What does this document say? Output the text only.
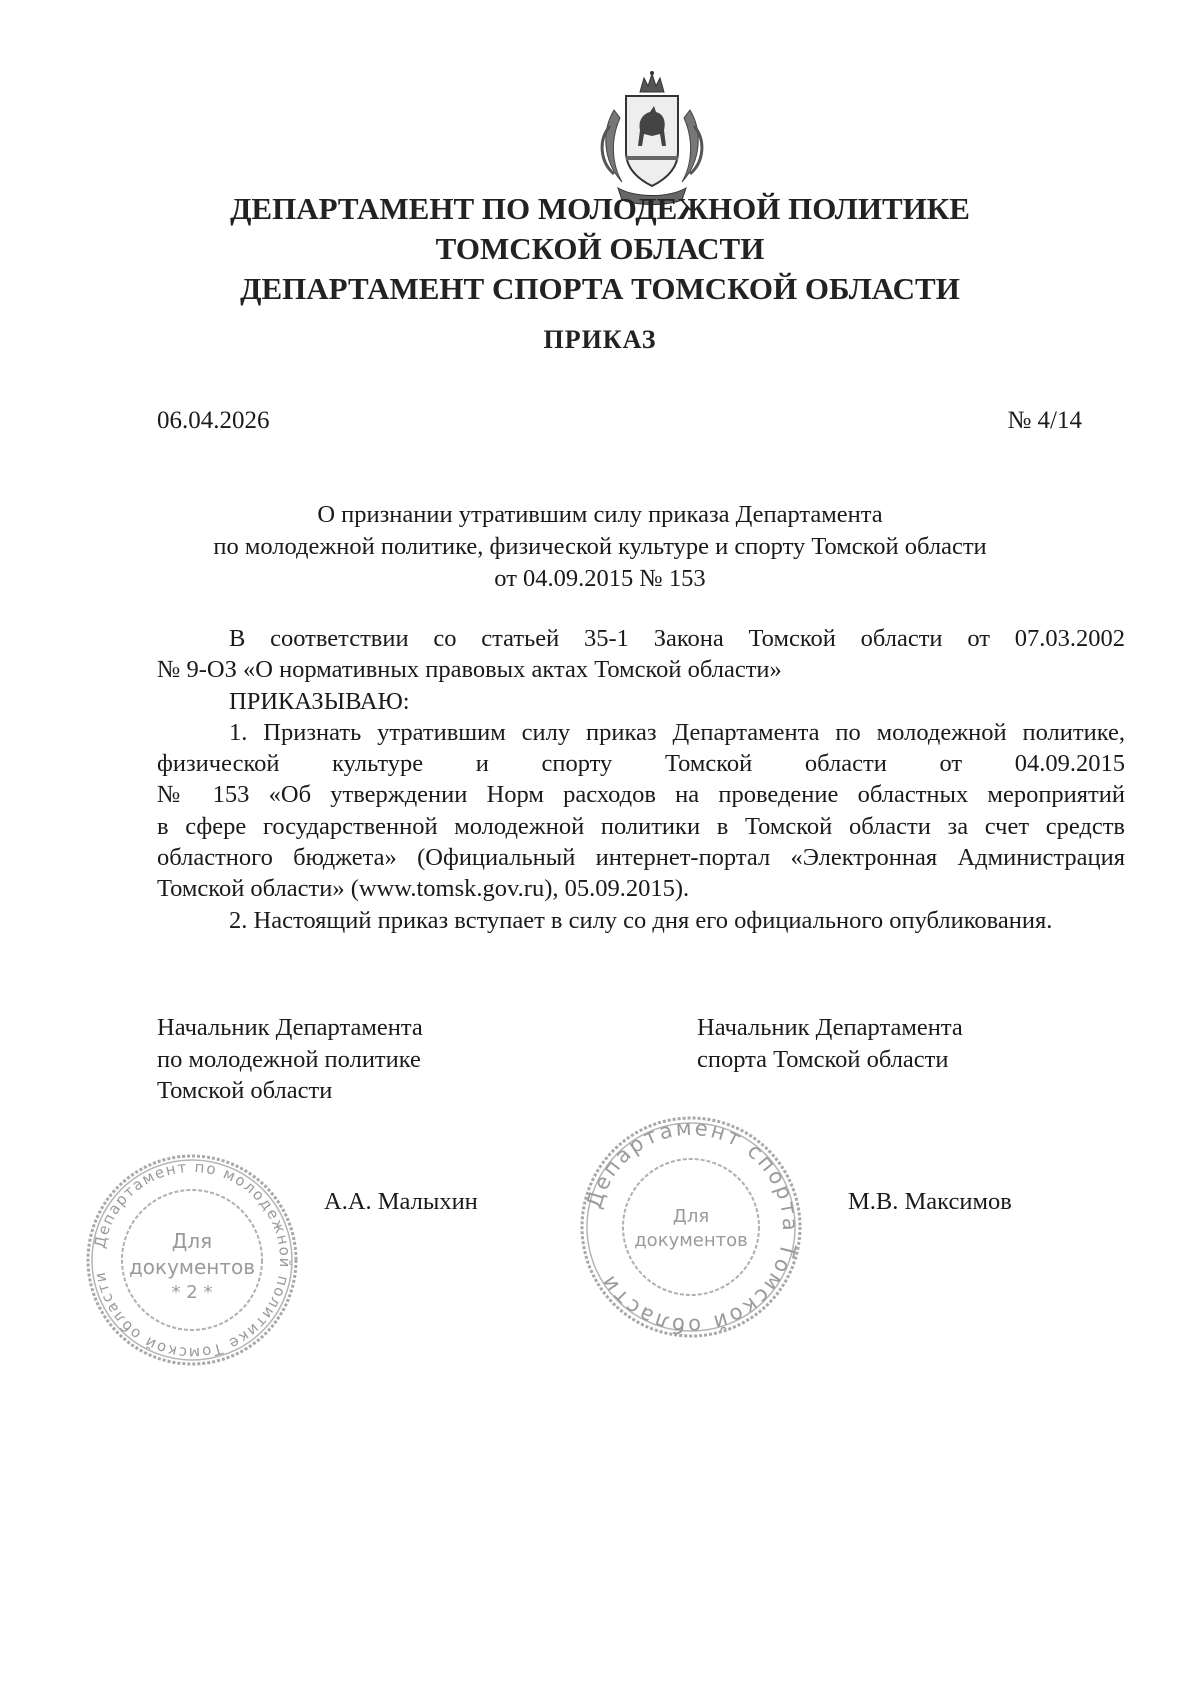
ДЕПАРТАМЕНТ ПО МОЛОДЕЖНОЙ ПОЛИТИКЕ
ТОМСКОЙ ОБЛАСТИ
ДЕПАРТАМЕНТ СПОРТА ТОМСКОЙ ОБЛАСТИ
ПРИКАЗ
06.04.2026	№ 4/14
О признании утратившим силу приказа Департамента
по молодежной политике, физической культуре и спорту Томской области
от 04.09.2015 № 153
В соответствии со статьей 35-1 Закона Томской области от 07.03.2002
№ 9-ОЗ «О нормативных правовых актах Томской области»
ПРИКАЗЫВАЮ:
1. Признать утратившим силу приказ Департамента по молодежной политике,
физической культуре и спорту Томской области от 04.09.2015
№ 153 «Об утверждении Норм расходов на проведение областных мероприятий
в сфере государственной молодежной политики в Томской области за счет средств
областного бюджета» (Официальный интернет-портал «Электронная Администрация
Томской области» (www.tomsk.gov.ru), 05.09.2015).
2. Настоящий приказ вступает в силу со дня его официального опубликования.
Начальник Департамента
по молодежной политике
Томской области
Начальник Департамента
спорта Томской области
А.А. Малыхин	М.В. Максимов
Департамент по молодежной политике Томской области
Для
документов
* 2 *
Департамент спорта Томской области
Для
документов
